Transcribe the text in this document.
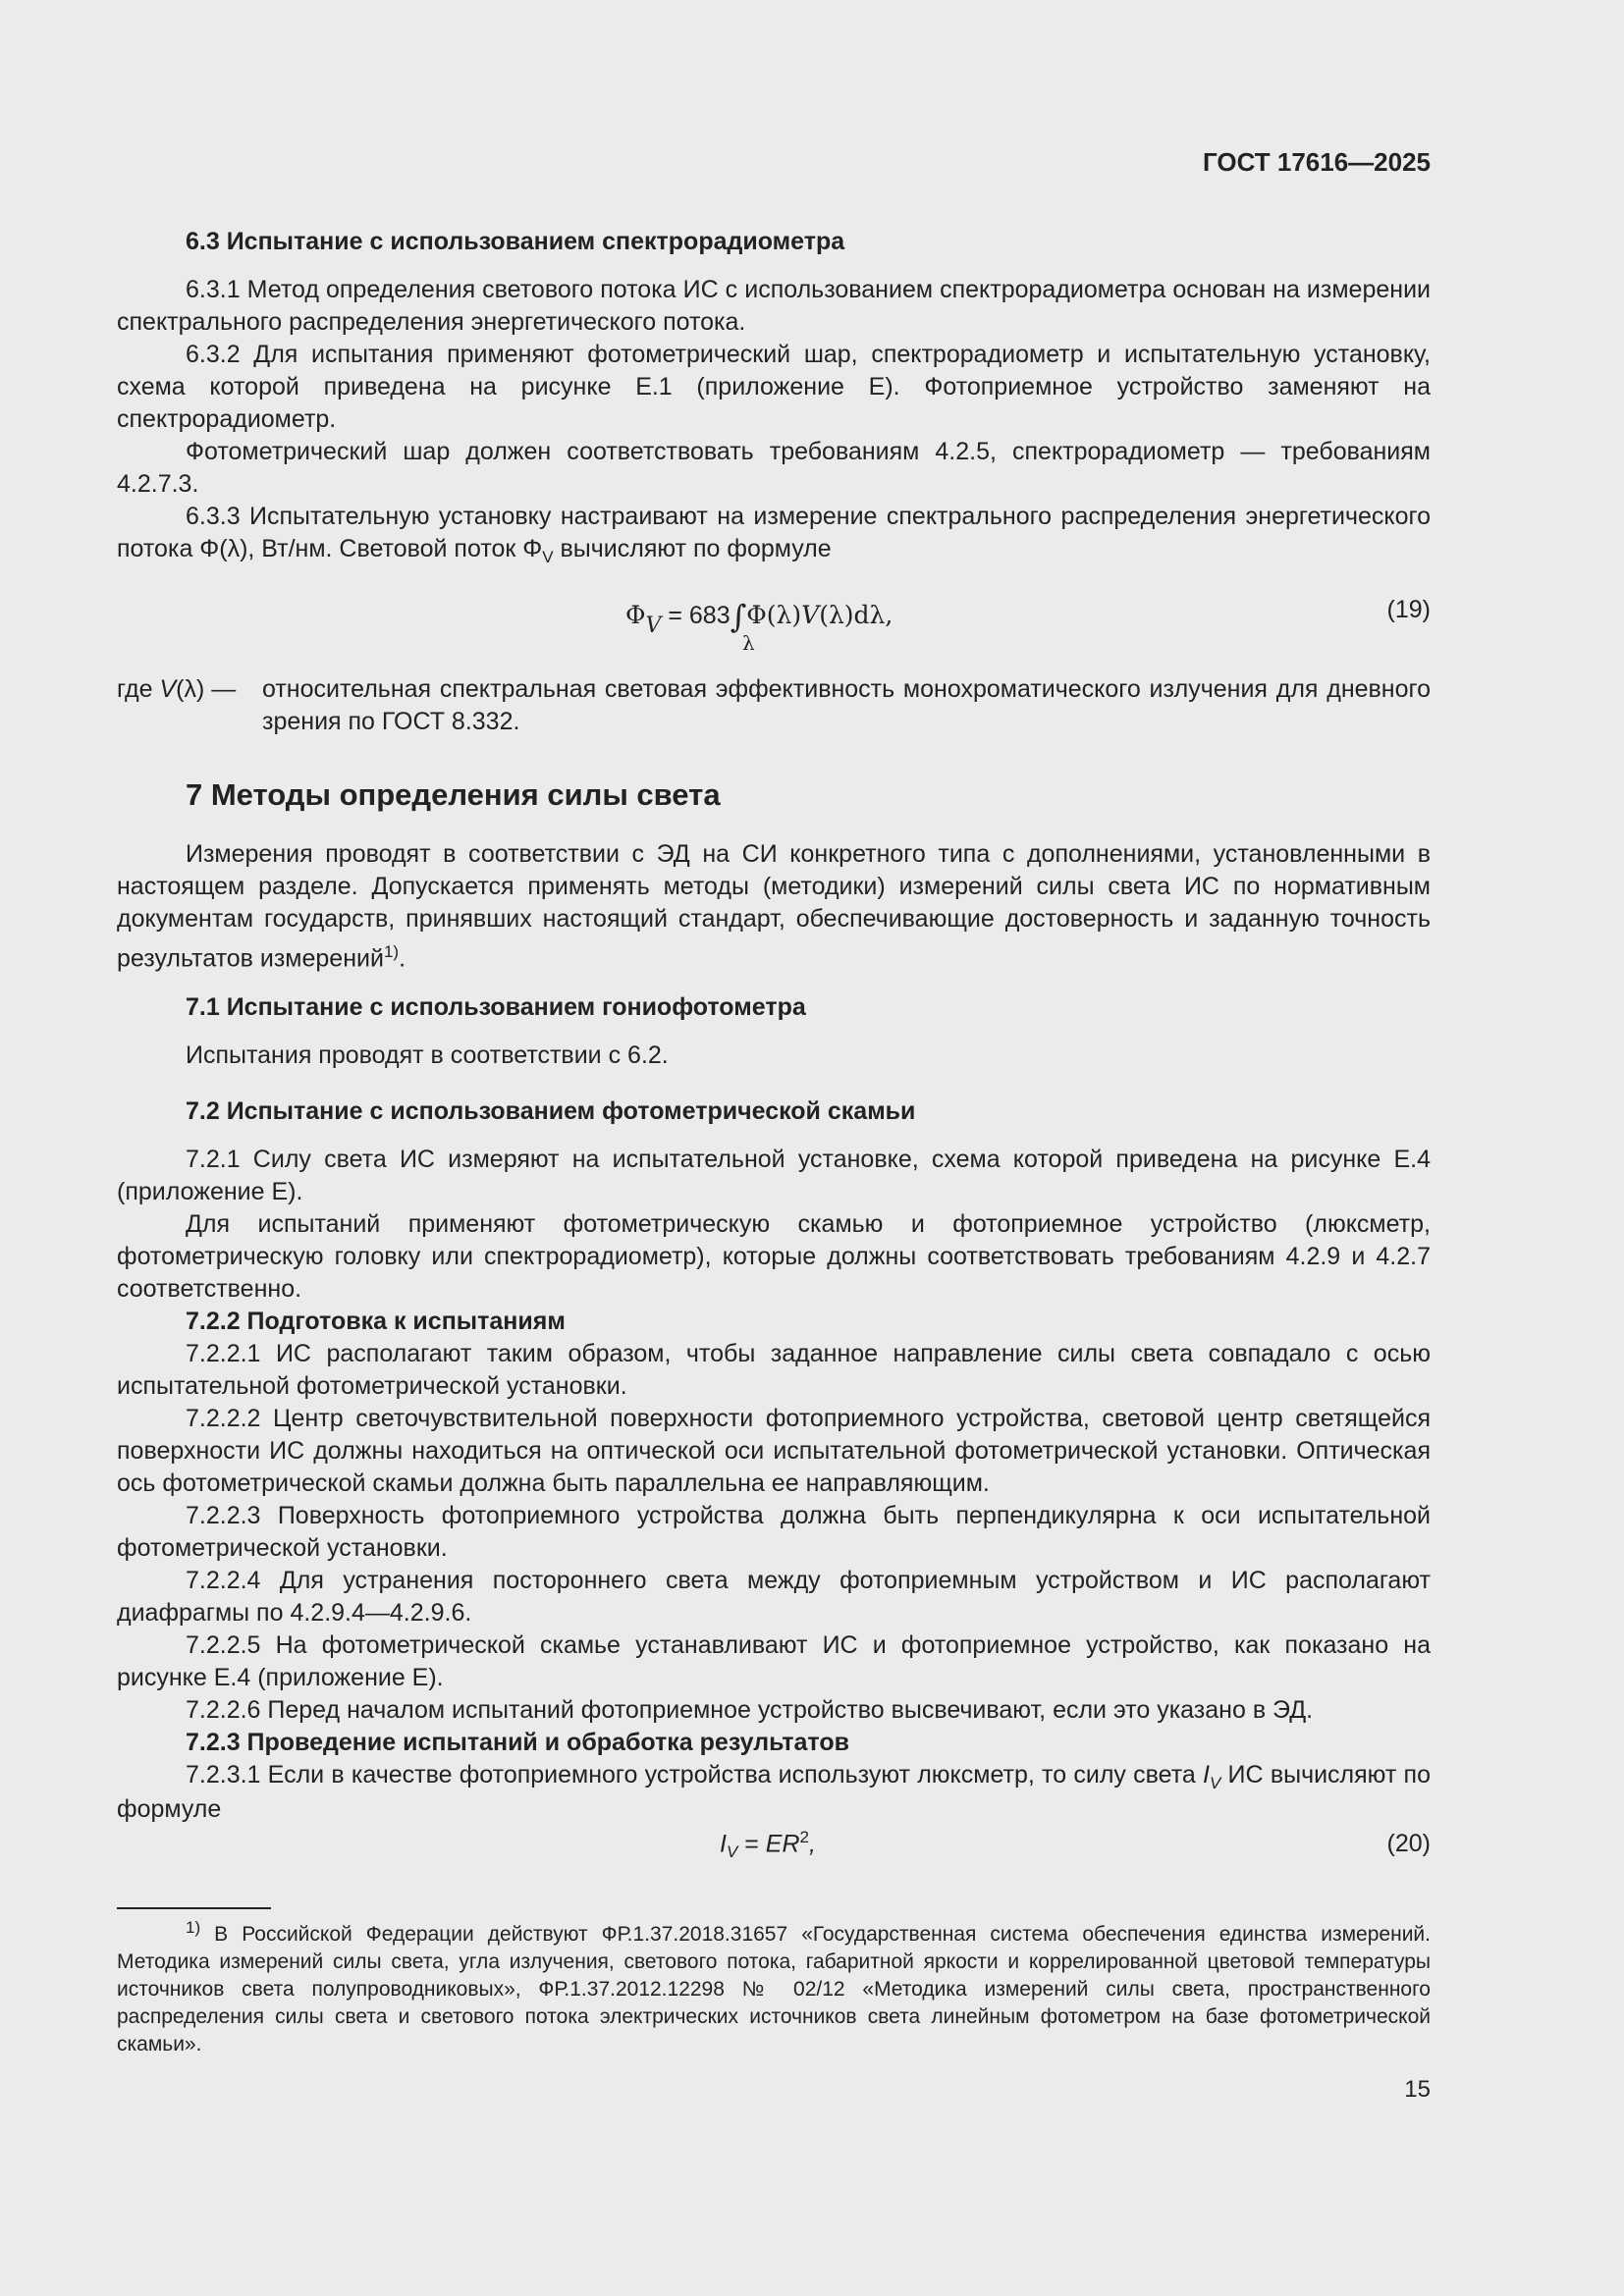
ГОСТ 17616—2025
6.3 Испытание с использованием спектрорадиометра

6.3.1 Метод определения светового потока ИС с использованием спектрорадиометра основан на измерении спектрального распределения энергетического потока.

6.3.2 Для испытания применяют фотометрический шар, спектрорадиометр и испытательную установку, схема которой приведена на рисунке Е.1 (приложение Е). Фотоприемное устройство заменяют на спектрорадиометр.

Фотометрический шар должен соответствовать требованиям 4.2.5, спектрорадиометр — требованиям 4.2.7.3.

6.3.3 Испытательную установку настраивают на измерение спектрального распределения энергетического потока Φ(λ), Вт/нм. Световой поток $\Phi_V$ вычисляют по формуле

ΦV = 683∫Φ(λ)V(λ)dλ,
λ
(19)
где V(λ) — относительная спектральная световая эффективность монохроматического излучения для дневного зрения по ГОСТ 8.332.
7 Методы определения силы света

Измерения проводят в соответствии с ЭД на СИ конкретного типа с дополнениями, установленными в настоящем разделе. Допускается применять методы (методики) измерений силы света ИС по нормативным документам государств, принявших настоящий стандарт, обеспечивающие достоверность и заданную точность результатов измерений$^{1)}$.

7.1 Испытание с использованием гониофотометра
Испытания проводят в соответствии с 6.2.
7.2 Испытание с использованием фотометрической скамьи

7.2.1 Силу света ИС измеряют на испытательной установке, схема которой приведена на рисунке Е.4 (приложение Е).

Для испытаний применяют фотометрическую скамью и фотоприемное устройство (люксметр, фотометрическую головку или спектрорадиометр), которые должны соответствовать требованиям 4.2.9 и 4.2.7 соответственно.

7.2.2 Подготовка к испытаниям

7.2.2.1 ИС располагают таким образом, чтобы заданное направление силы света совпадало с осью испытательной фотометрической установки.

7.2.2.2 Центр светочувствительной поверхности фотоприемного устройства, световой центр светящейся поверхности ИС должны находиться на оптической оси испытательной фотометрической установки. Оптическая ось фотометрической скамьи должна быть параллельна ее направляющим.

7.2.2.3 Поверхность фотоприемного устройства должна быть перпендикулярна к оси испытательной фотометрической установки.

7.2.2.4 Для устранения постороннего света между фотоприемным устройством и ИС располагают диафрагмы по 4.2.9.4—4.2.9.6.

7.2.2.5 На фотометрической скамье устанавливают ИС и фотоприемное устройство, как показано на рисунке Е.4 (приложение Е).

7.2.2.6 Перед началом испытаний фотоприемное устройство высвечивают, если это указано в ЭД.

7.2.3 Проведение испытаний и обработка результатов

7.2.3.1 Если в качестве фотоприемного устройства используют люксметр, то силу света $I_V$ ИС вычисляют по формуле

$I_V = ER^2$,	(20)
$^{1)}$ В Российской Федерации действуют ФР.1.37.2018.31657 «Государственная система обеспечения единства измерений. Методика измерений силы света, угла излучения, светового потока, габаритной яркости и коррелированной цветовой температуры источников света полупроводниковых», ФР.1.37.2012.12298 № 02/12 «Методика измерений силы света, пространственного распределения силы света и светового потока электрических источников света линейным фотометром на базе фотометрической скамьи».
15
